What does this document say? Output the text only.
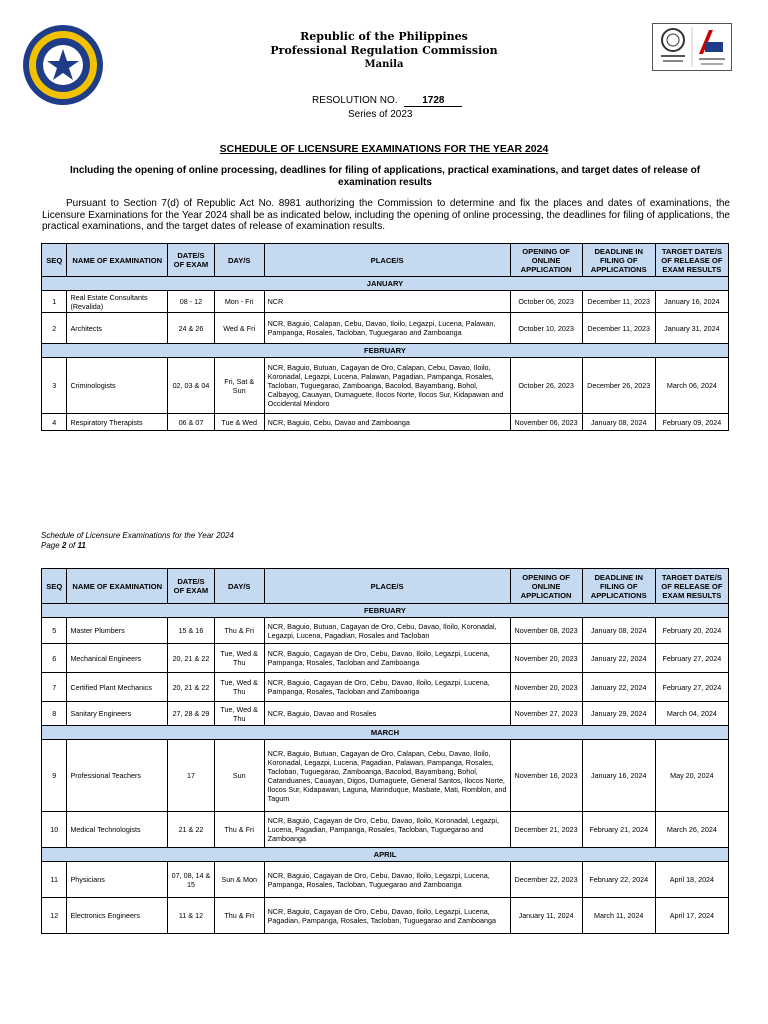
Republic of the Philippines
Professional Regulation Commission
Manila
RESOLUTION NO. 1728
Series of 2023
SCHEDULE OF LICENSURE EXAMINATIONS FOR THE YEAR 2024
Including the opening of online processing, deadlines for filing of applications, practical examinations, and target dates of release of examination results
Pursuant to Section 7(d) of Republic Act No. 8981 authorizing the Commission to determine and fix the places and dates of examinations, the Licensure Examinations for the Year 2024 shall be as indicated below, including the opening of online processing, the deadlines for filing of applications, the practical examinations, and the target dates of release of examination results.
SEQ	NAME OF EXAMINATION	DATE/S OF EXAM	DAY/S	PLACE/S	OPENING OF ONLINE APPLICATION	DEADLINE IN FILING OF APPLICATIONS	TARGET DATE/S OF RELEASE OF EXAM RESULTS
JANUARY							
1	Real Estate Consultants (Revalida)	08 - 12	Mon - Fri	NCR	October 06, 2023	December 11, 2023	January 16, 2024
2	Architects	24 & 26	Wed & Fri	NCR, Baguio, Calapan, Cebu, Davao, Iloilo, Legazpi, Lucena, Palawan, Pampanga, Rosales, Tacloban, Tuguegarao and Zamboanga	October 10, 2023	December 11, 2023	January 31, 2024
FEBRUARY							
3	Criminologists	02, 03 & 04	Fri, Sat & Sun	NCR, Baguio, Butuan, Cagayan de Oro, Calapan, Cebu, Davao, Iloilo, Koronadal, Legazpi, Lucena, Palawan, Pagadian, Pampanga, Rosales, Tacloban, Tuguegarao, Zamboanga, Bacolod, Bayambang, Bohol, Calbayog, Cauayan, Dumaguete, Ilocos Norte, Ilocos Sur, Kidapawan and Occidental Mindoro	October 26, 2023	December 26, 2023	March 06, 2024
4	Respiratory Therapists	06 & 07	Tue & Wed	NCR, Baguio, Cebu, Davao and Zamboanga	November 06, 2023	January 08, 2024	February 09, 2024
Schedule of Licensure Examinations for the Year 2024
Page 2 of 11
SEQ	NAME OF EXAMINATION	DATE/S OF EXAM	DAY/S	PLACE/S	OPENING OF ONLINE APPLICATION	DEADLINE IN FILING OF APPLICATIONS	TARGET DATE/S OF RELEASE OF EXAM RESULTS
FEBRUARY							
5	Master Plumbers	15 & 16	Thu & Fri	NCR, Baguio, Butuan, Cagayan de Oro, Cebu, Davao, Iloilo, Koronadal, Legazpi, Lucena, Pagadian, Rosales and Tacloban	November 08, 2023	January 08, 2024	February 20, 2024
6	Mechanical Engineers	20, 21 & 22	Tue, Wed & Thu	NCR, Baguio, Cagayan de Oro, Cebu, Davao, Iloilo, Legazpi, Lucena, Pampanga, Rosales, Tacloban and Zamboanga	November 20, 2023	January 22, 2024	February 27, 2024
7	Certified Plant Mechanics	20, 21 & 22	Tue, Wed & Thu	NCR, Baguio, Cagayan de Oro, Cebu, Davao, Iloilo, Legazpi, Lucena, Pampanga, Rosales, Tacloban and Zamboanga	November 20, 2023	January 22, 2024	February 27, 2024
8	Sanitary Engineers	27, 28 & 29	Tue, Wed & Thu	NCR, Baguio, Davao and Rosales	November 27, 2023	January 29, 2024	March 04, 2024
MARCH							
9	Professional Teachers	17	Sun	NCR, Baguio, Butuan, Cagayan de Oro, Calapan, Cebu, Davao, Iloilo, Koronadal, Legazpi, Lucena, Pagadian, Palawan, Pampanga, Rosales, Tacloban, Tuguegarao, Zamboanga, Bacolod, Bayambang, Bohol, Catanduanes, Cauayan, Digos, Dumaguete, General Santos, Ilocos Norte, Ilocos Sur, Kidapawan, Laguna, Marinduque, Masbate, Mati, Romblon, and Tagum	November 16, 2023	January 16, 2024	May 20, 2024
10	Medical Technologists	21 & 22	Thu & Fri	NCR, Baguio, Cagayan de Oro, Cebu, Davao, Iloilo, Koronadal, Legazpi, Lucena, Pagadian, Pampanga, Rosales, Tacloban, Tuguegarao and Zamboanga	December 21, 2023	February 21, 2024	March 26, 2024
APRIL							
11	Physicians	07, 08, 14 & 15	Sun & Mon	NCR, Baguio, Cagayan de Oro, Cebu, Davao, Iloilo, Legazpi, Lucena, Pampanga, Rosales, Tacloban, Tuguegarao and Zamboanga	December 22, 2023	February 22, 2024	April 18, 2024
12	Electronics Engineers	11 & 12	Thu & Fri	NCR, Baguio, Cagayan de Oro, Cebu, Davao, Iloilo, Legazpi, Lucena, Pagadian, Pampanga, Rosales, Tacloban, Tuguegarao and Zamboanga	January 11, 2024	March 11, 2024	April 17, 2024
